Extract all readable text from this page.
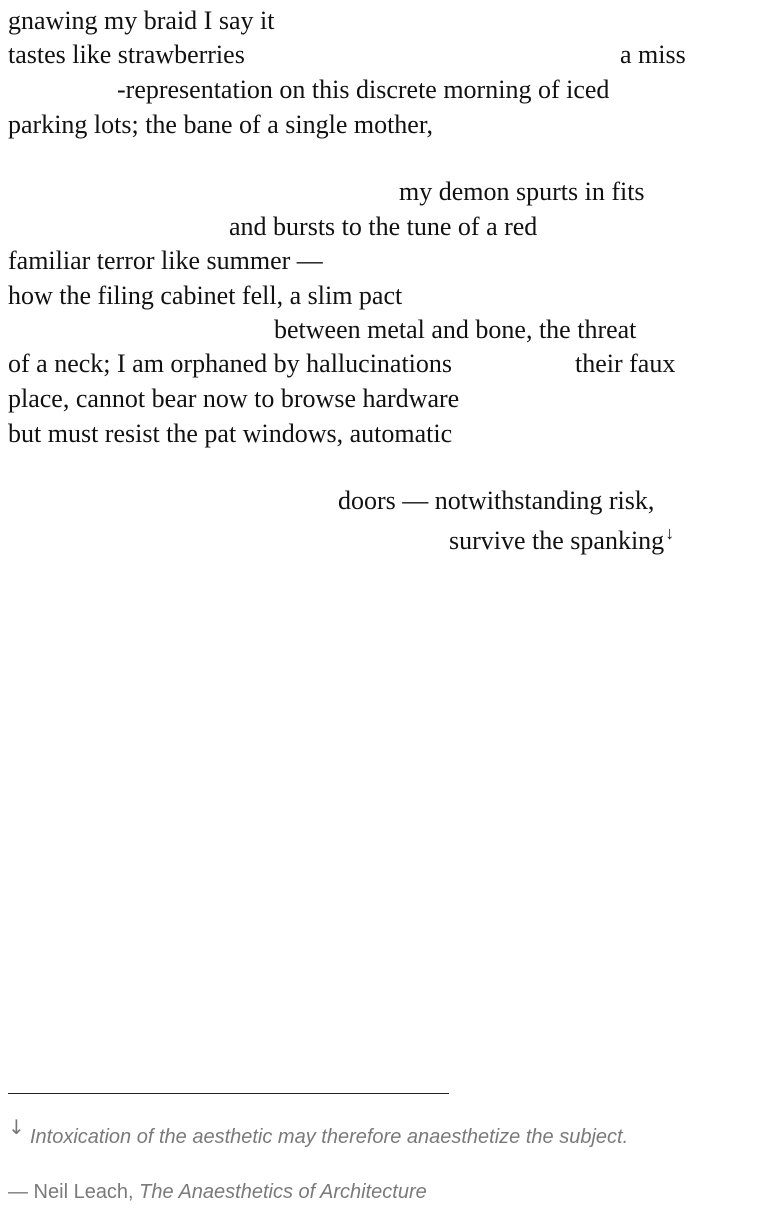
gnawing my braid I say it
tastes like strawberries	a miss
-representation on this discrete morning of iced
parking lots; the bane of a single mother,
my demon spurts in fits
and bursts to the tune of a red
familiar terror like summer —
how the filing cabinet fell, a slim pact
between metal and bone, the threat
of a neck; I am orphaned by hallucinations	their faux
place, cannot bear now to browse hardware
but must resist the pat windows, automatic
doors — notwithstanding risk,
survive the spanking↓
↓ Intoxication of the aesthetic may therefore anaesthetize the subject.
— Neil Leach, The Anaesthetics of Architecture
